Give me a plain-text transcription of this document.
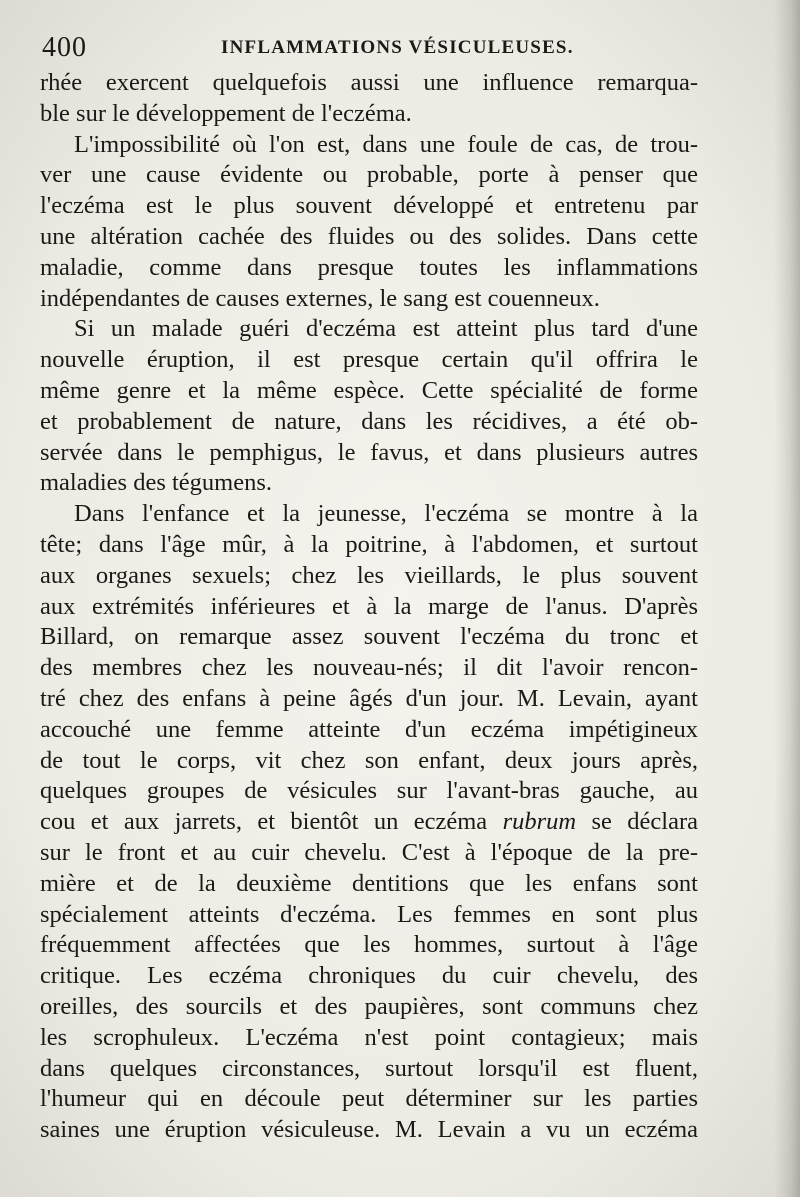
400	INFLAMMATIONS VÉSICULEUSES.
rhée exercent quelquefois aussi une influence remarqua-
ble sur le développement de l'eczéma.
L'impossibilité où l'on est, dans une foule de cas, de trou-
ver une cause évidente ou probable, porte à penser que
l'eczéma est le plus souvent développé et entretenu par
une altération cachée des fluides ou des solides. Dans cette
maladie, comme dans presque toutes les inflammations
indépendantes de causes externes, le sang est couenneux.
Si un malade guéri d'eczéma est atteint plus tard d'une
nouvelle éruption, il est presque certain qu'il offrira le
même genre et la même espèce. Cette spécialité de forme
et probablement de nature, dans les récidives, a été ob-
servée dans le pemphigus, le favus, et dans plusieurs autres
maladies des tégumens.
Dans l'enfance et la jeunesse, l'eczéma se montre à la
tête; dans l'âge mûr, à la poitrine, à l'abdomen, et surtout
aux organes sexuels; chez les vieillards, le plus souvent
aux extrémités inférieures et à la marge de l'anus. D'après
Billard, on remarque assez souvent l'eczéma du tronc et
des membres chez les nouveau-nés; il dit l'avoir rencon-
tré chez des enfans à peine âgés d'un jour. M. Levain, ayant
accouché une femme atteinte d'un eczéma impétigineux
de tout le corps, vit chez son enfant, deux jours après,
quelques groupes de vésicules sur l'avant-bras gauche, au
cou et aux jarrets, et bientôt un eczéma rubrum se déclara
sur le front et au cuir chevelu. C'est à l'époque de la pre-
mière et de la deuxième dentitions que les enfans sont
spécialement atteints d'eczéma. Les femmes en sont plus
fréquemment affectées que les hommes, surtout à l'âge
critique. Les eczéma chroniques du cuir chevelu, des
oreilles, des sourcils et des paupières, sont communs chez
les scrophuleux. L'eczéma n'est point contagieux; mais
dans quelques circonstances, surtout lorsqu'il est fluent,
l'humeur qui en découle peut déterminer sur les parties
saines une éruption vésiculeuse. M. Levain a vu un eczéma
